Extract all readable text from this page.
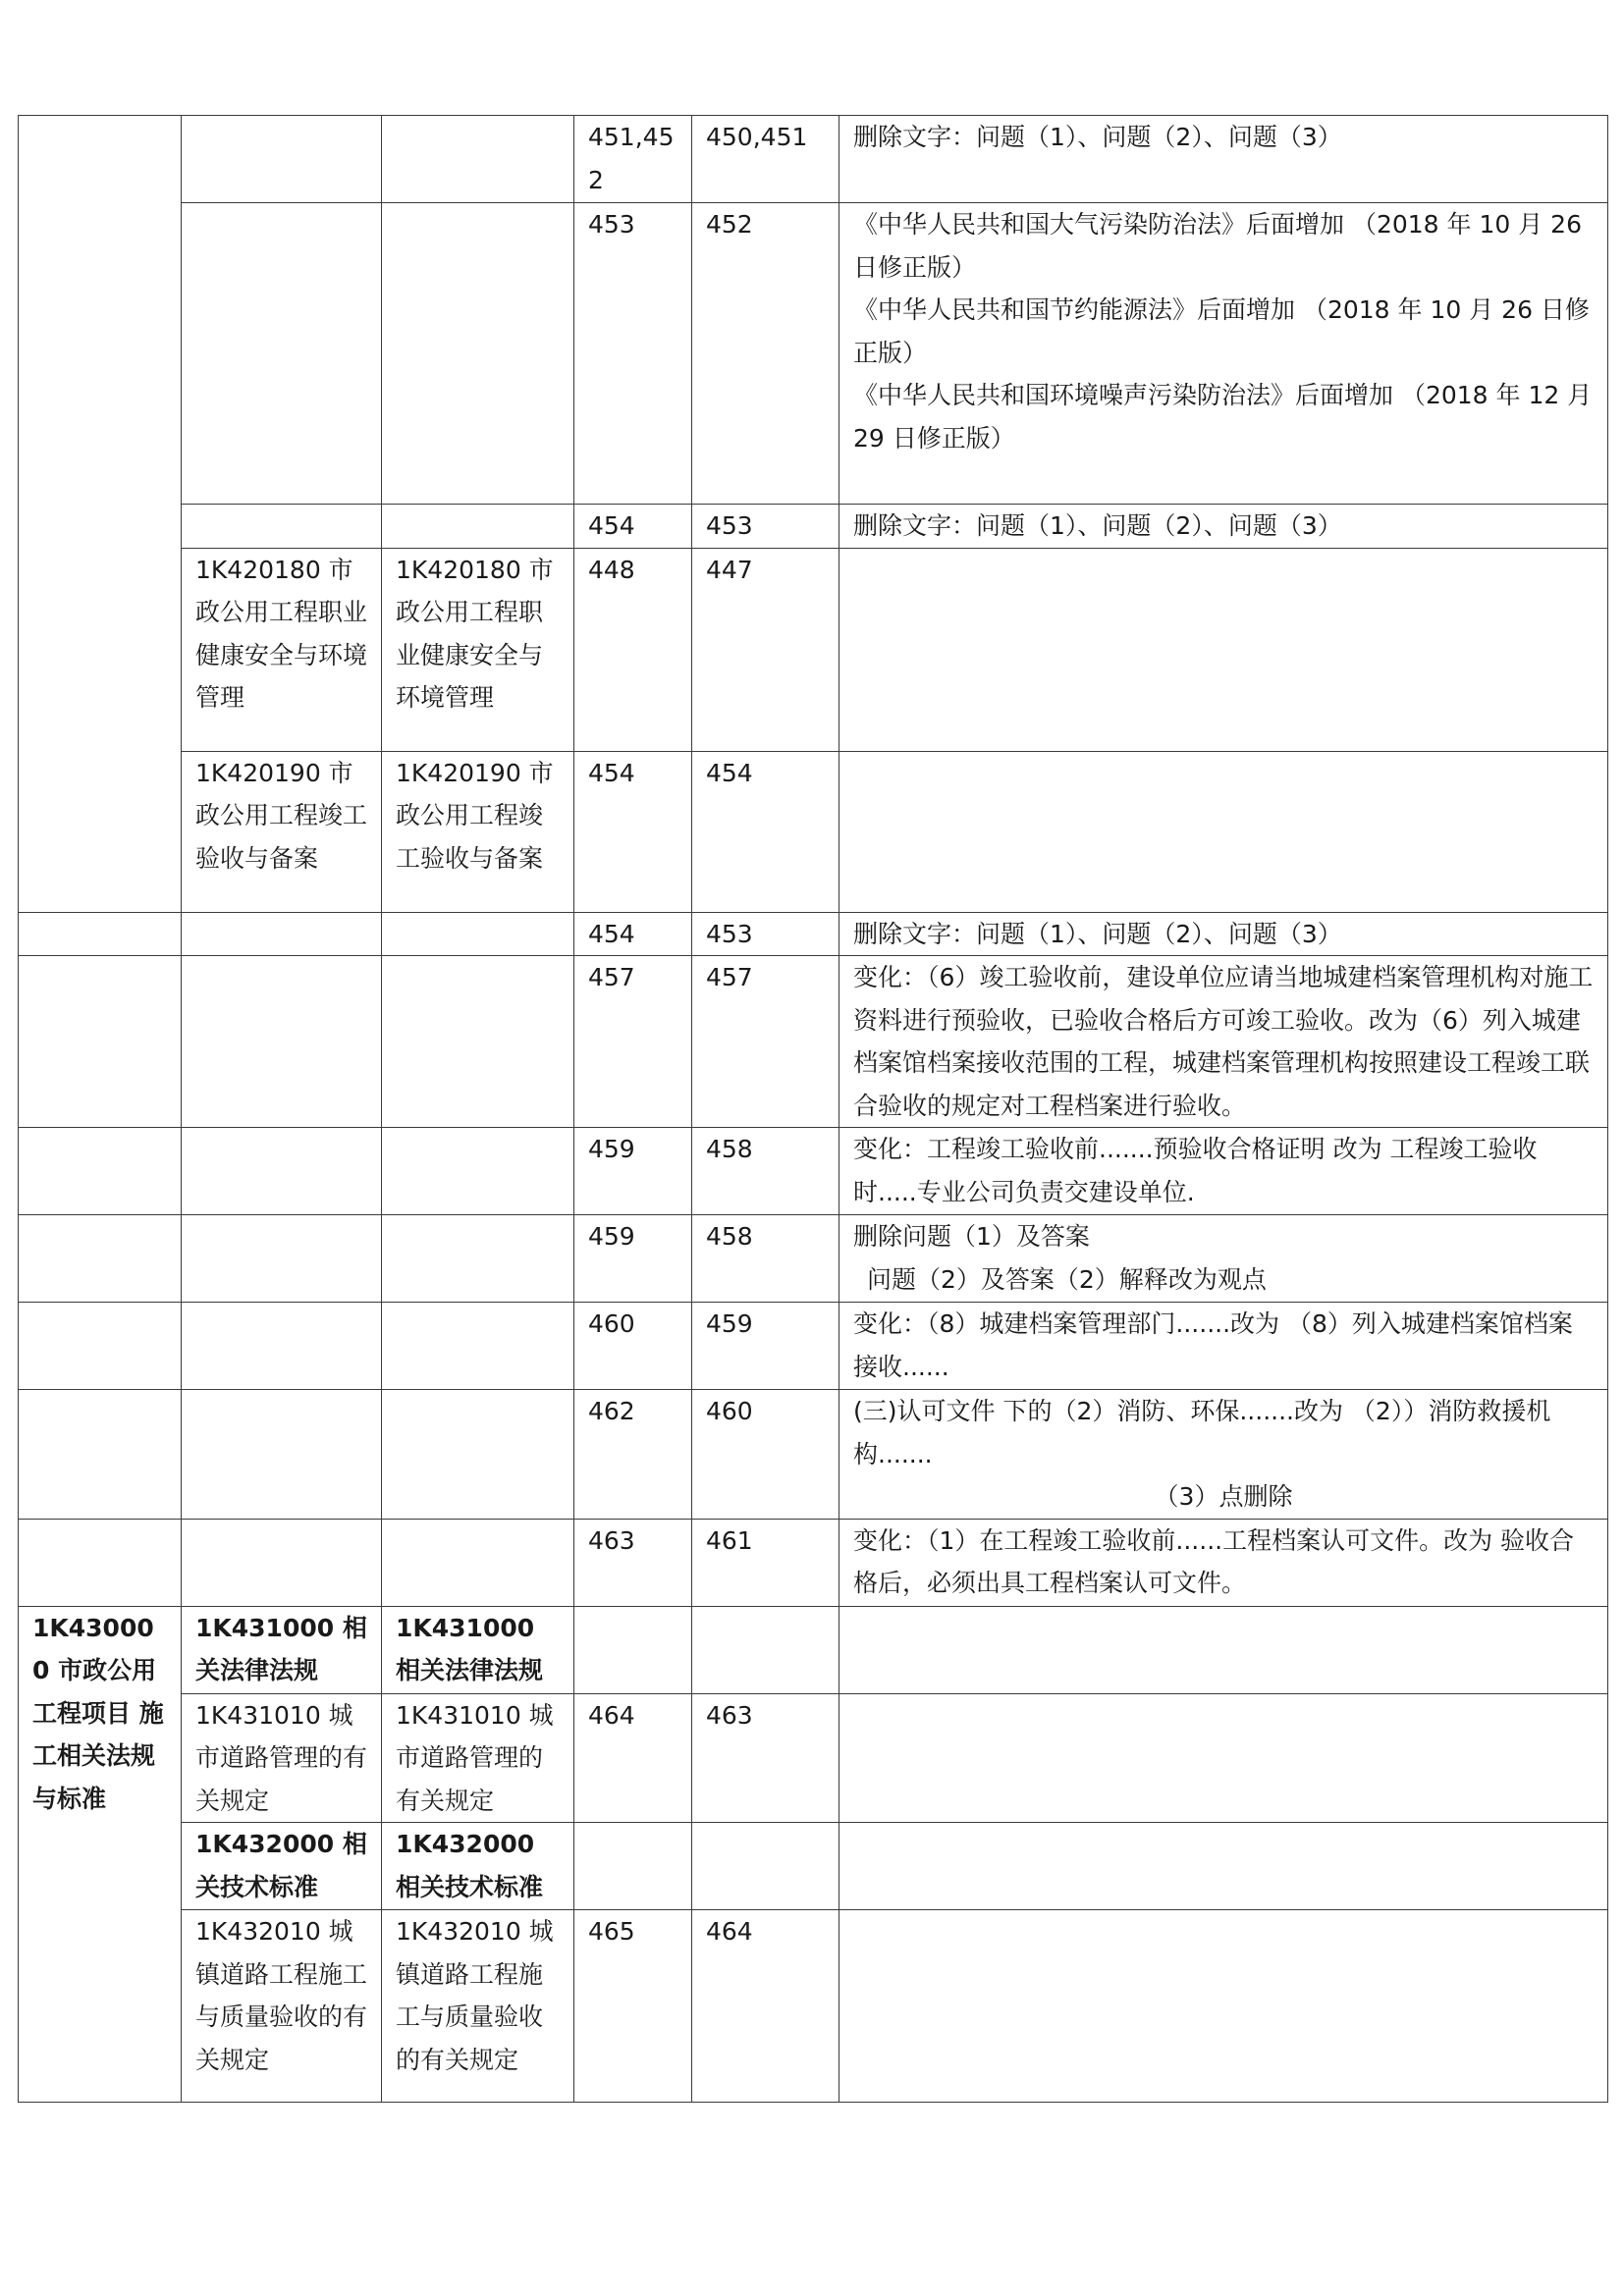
			451,452	450,451	删除文字：问题（1）、问题（2）、问题（3）
			453	452	《中华人民共和国大气污染防治法》后面增加 （2018 年 10 月 26 日修正版）
《中华人民共和国节约能源法》后面增加 （2018 年 10 月 26 日修正版）
《中华人民共和国环境噪声污染防治法》后面增加 （2018 年 12 月 29 日修正版）
			454	453	删除文字：问题（1）、问题（2）、问题（3）
	1K420180 市政公用工程职业健康安全与环境管理	1K420180 市政公用工程职业健康安全与环境管理	448	447	
	1K420190 市政公用工程竣工验收与备案	1K420190 市政公用工程竣工验收与备案	454	454	
			454	453	删除文字：问题（1）、问题（2）、问题（3）
			457	457	变化：（6）竣工验收前，建设单位应请当地城建档案管理机构对施工资料进行预验收，已验收合格后方可竣工验收。改为（6）列入城建档案馆档案接收范围的工程，城建档案管理机构按照建设工程竣工联合验收的规定对工程档案进行验收。
			459	458	变化：工程竣工验收前.......预验收合格证明 改为 工程竣工验收时.....专业公司负责交建设单位.
			459	458	删除问题（1）及答案
问题（2）及答案（2）解释改为观点

			460	459	变化：（8）城建档案管理部门.......改为 （8）列入城建档案馆档案接收......
			462	460	(三)认可文件 下的（2）消防、环保.......改为 （2））消防救援机构.......
（3）点删除

			463	461	变化：（1）在工程竣工验收前......工程档案认可文件。改为 验收合格后，必须出具工程档案认可文件。
1K430000 市政公用工程项目 施工相关法规与标准	1K431000 相关法律法规	1K431000 相关法律法规			
	1K431010 城市道路管理的有关规定	1K431010 城市道路管理的有关规定	464	463	
	1K432000 相关技术标准	1K432000 相关技术标准			
	1K432010 城镇道路工程施工与质量验收的有关规定	1K432010 城镇道路工程施工与质量验收的有关规定	465	464	
